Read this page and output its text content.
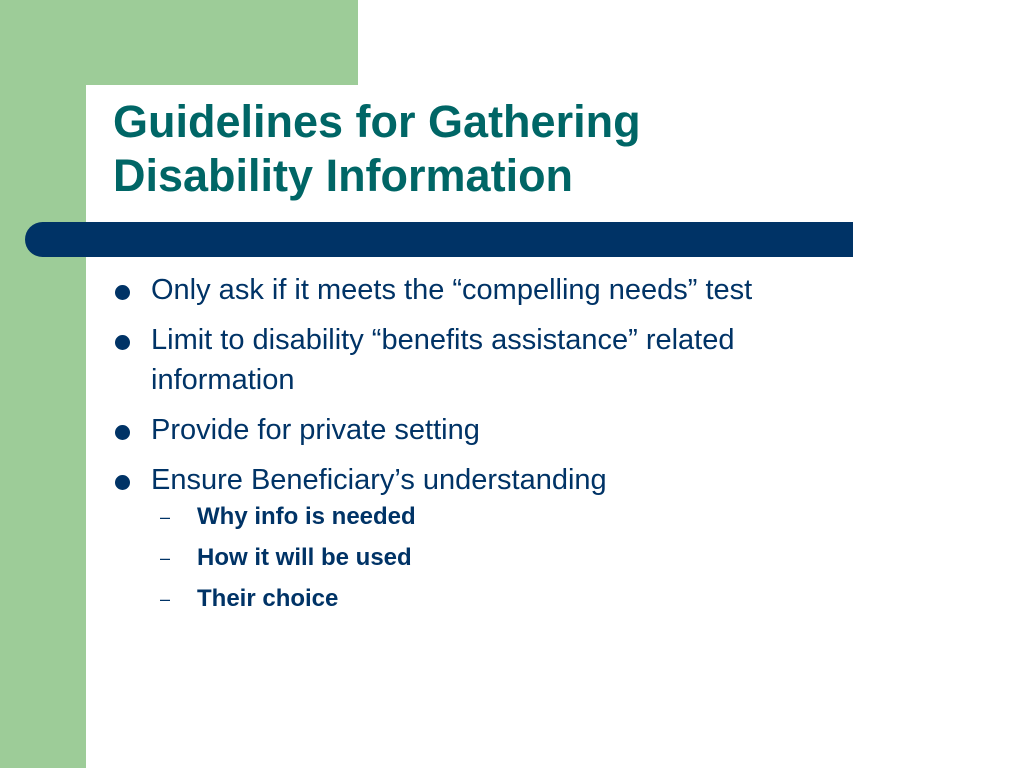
Guidelines for Gathering
Disability Information
Only ask if it meets the “compelling needs” test
Limit to disability “benefits assistance” related information
Provide for private setting
Ensure Beneficiary’s understanding
– Why info is needed
– How it will be used
– Their choice
